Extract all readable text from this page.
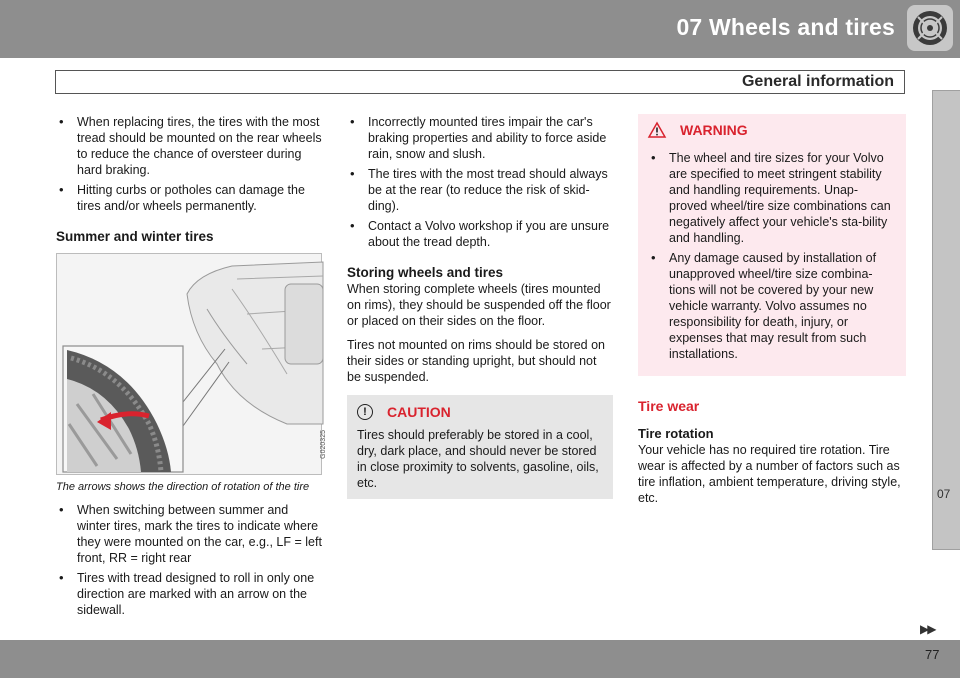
07 Wheels and tires
General information
07
▶▶
77
• When replacing tires, the tires with the most tread should be mounted on the rear wheels to reduce the chance of oversteer during hard braking.
• Hitting curbs or potholes can damage the tires and/or wheels permanently.
Summer and winter tires
G020325
The arrows shows the direction of rotation of the tire
• When switching between summer and winter tires, mark the tires to indicate where they were mounted on the car, e.g., LF = left front, RR = right rear
• Tires with tread designed to roll in only one direction are marked with an arrow on the sidewall.
• Incorrectly mounted tires impair the car's braking properties and ability to force aside rain, snow and slush.
• The tires with the most tread should always be at the rear (to reduce the risk of skid-ding).
• Contact a Volvo workshop if you are unsure about the tread depth.
Storing wheels and tires

When storing complete wheels (tires mounted on rims), they should be suspended off the floor or placed on their sides on the floor.

Tires not mounted on rims should be stored on their sides or standing upright, but should not be suspended.

!	CAUTION
Tires should preferably be stored in a cool, dry, dark place, and should never be stored in close proximity to solvents, gasoline, oils, etc.
WARNING
• The wheel and tire sizes for your Volvo are specified to meet stringent stability and handling requirements. Unap-proved wheel/tire size combinations can negatively affect your vehicle's sta-bility and handling.
• Any damage caused by installation of unapproved wheel/tire size combina-tions will not be covered by your new vehicle warranty. Volvo assumes no responsibility for death, injury, or expenses that may result from such installations.
Tire wear
Tire rotation

Your vehicle has no required tire rotation. Tire wear is affected by a number of factors such as tire inflation, ambient temperature, driving style, etc.
